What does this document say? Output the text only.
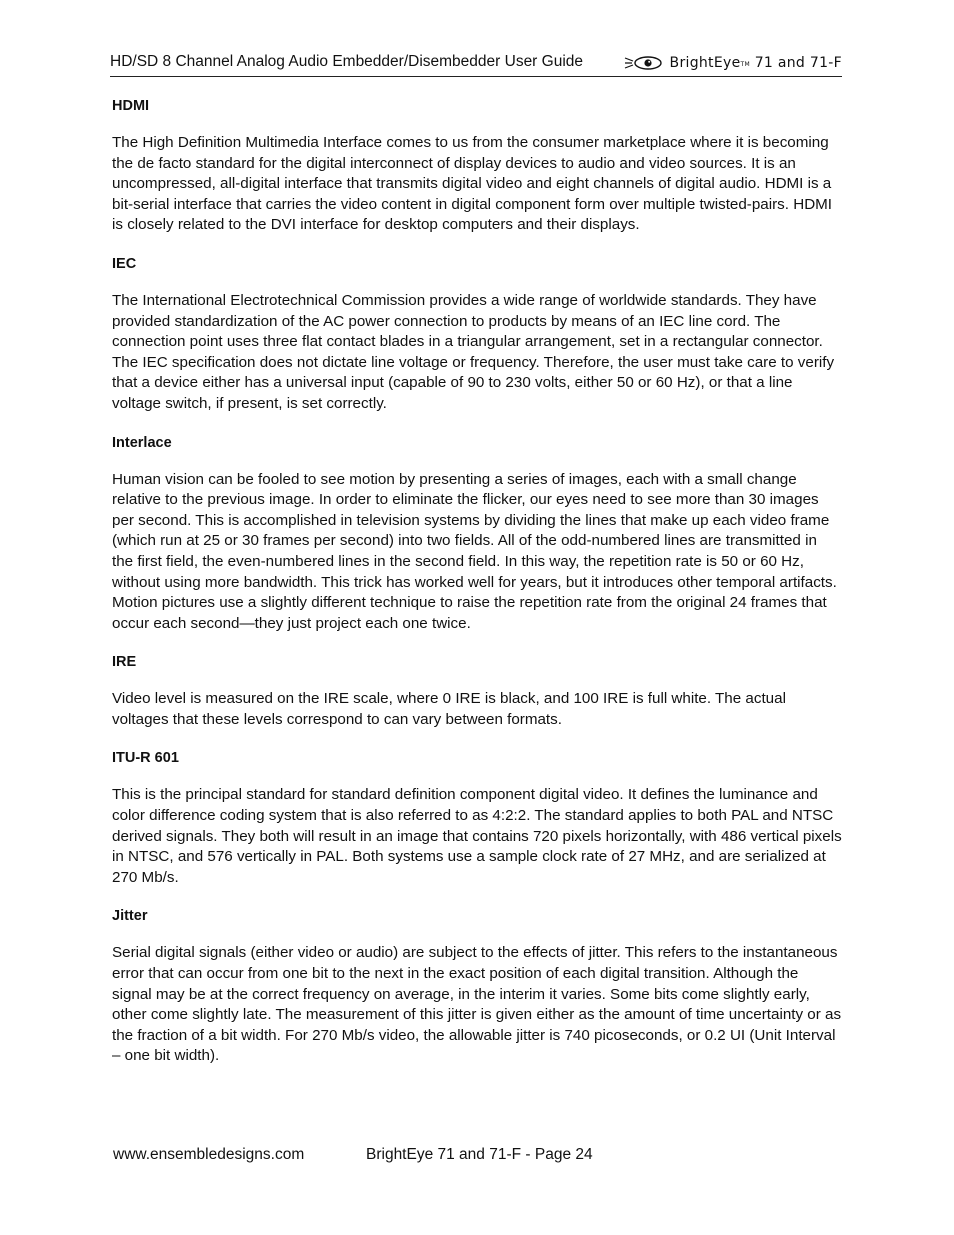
HD/SD 8 Channel Analog Audio Embedder/Disembedder User Guide	BrightEye TM
71 and 71-F
HDMI

The High Definition Multimedia Interface comes to us from the consumer marketplace where it is becoming the de facto standard for the digital interconnect of display devices to audio and video sources. It is an uncompressed, all-digital interface that transmits digital video and eight channels of digital audio. HDMI is a bit-serial interface that carries the video content in digital component form over multiple twisted-pairs. HDMI is closely related to the DVI interface for desktop computers and their displays.

IEC

The International Electrotechnical Commission provides a wide range of worldwide standards. They have provided standardization of the AC power connection to products by means of an IEC line cord. The connection point uses three flat contact blades in a triangular arrangement, set in a rectangular connector. The IEC specification does not dictate line voltage or frequency. Therefore, the user must take care to verify that a device either has a universal input (capable of 90 to 230 volts, either 50 or 60 Hz), or that a line voltage switch, if present, is set correctly.

Interlace

Human vision can be fooled to see motion by presenting a series of images, each with a small change relative to the previous image. In order to eliminate the flicker, our eyes need to see more than 30 images per second. This is accomplished in television systems by dividing the lines that make up each video frame (which run at 25 or 30 frames per second) into two fields. All of the odd-numbered lines are transmitted in the first field, the even-numbered lines in the second field. In this way, the repetition rate is 50 or 60 Hz, without using more bandwidth. This trick has worked well for years, but it introduces other temporal artifacts. Motion pictures use a slightly different technique to raise the repetition rate from the original 24 frames that occur each second—they just project each one twice.

IRE

Video level is measured on the IRE scale, where 0 IRE is black, and 100 IRE is full white. The actual voltages that these levels correspond to can vary between formats.

ITU-R 601

This is the principal standard for standard definition component digital video. It defines the luminance and color difference coding system that is also referred to as 4:2:2. The standard applies to both PAL and NTSC derived signals. They both will result in an image that contains 720 pixels horizontally, with 486 vertical pixels in NTSC, and 576 vertically in PAL. Both systems use a sample clock rate of 27 MHz, and are serialized at 270 Mb/s.

Jitter

Serial digital signals (either video or audio) are subject to the effects of jitter. This refers to the instantaneous error that can occur from one bit to the next in the exact position of each digital transition. Although the signal may be at the correct frequency on average, in the interim it varies. Some bits come slightly early, other come slightly late. The measurement of this jitter is given either as the amount of time uncertainty or as the fraction of a bit width. For 270 Mb/s video, the allowable jitter is 740 picoseconds, or 0.2 UI (Unit Interval – one bit width).

www.ensembledesigns.com	BrightEye 71 and 71-F - Page 24
